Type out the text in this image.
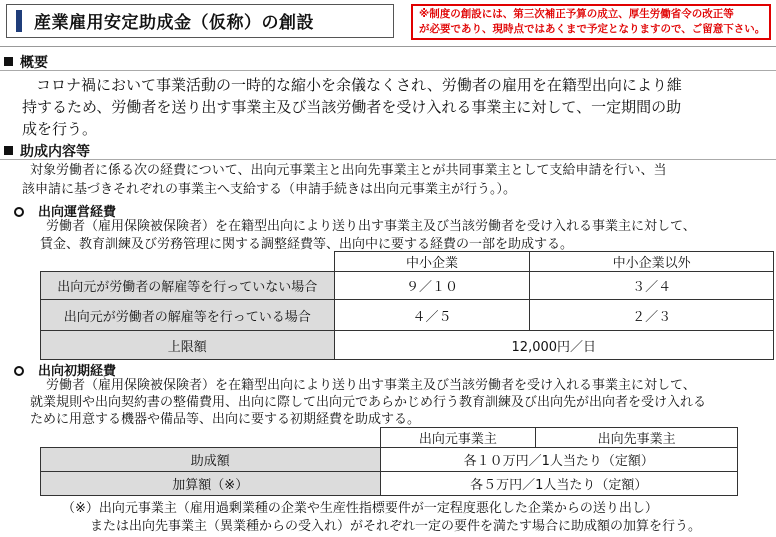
産業雇用安定助成金（仮称）の創設	※制度の創設には、第三次補正予算の成立、厚生労働省令の改正等
が必要であり、現時点ではあくまで予定となりますので、ご留意下さい。
概要
コロナ禍において事業活動の一時的な縮小を余儀なくされ、労働者の雇用を在籍型出向により維
持するため、労働者を送り出す事業主及び当該労働者を受け入れる事業主に対して、一定期間の助
成を行う。
助成内容等
対象労働者に係る次の経費について、出向元事業主と出向先事業主とが共同事業主として支給申請を行い、当
該申請に基づきそれぞれの事業主へ支給する（申請手続きは出向元事業主が行う。）。
出向運営経費
労働者（雇用保険被保険者）を在籍型出向により送り出す事業主及び当該労働者を受け入れる事業主に対して、
賃金、教育訓練及び労務管理に関する調整経費等、出向中に要する経費の一部を助成する。
	中小企業	中小企業以外
出向元が労働者の解雇等を行っていない場合	９／１０	３／４
出向元が労働者の解雇等を行っている場合	４／５	２／３
上限額	12,000円／日	
出向初期経費
労働者（雇用保険被保険者）を在籍型出向により送り出す事業主及び当該労働者を受け入れる事業主に対して、
就業規則や出向契約書の整備費用、出向に際して出向元であらかじめ行う教育訓練及び出向先が出向者を受け入れる
ために用意する機器や備品等、出向に要する初期経費を助成する。
	出向元事業主	出向先事業主
助成額	各１０万円／1人当たり（定額）	
加算額（※）	各５万円／1人当たり（定額）	
（※）出向元事業主（雇用過剰業種の企業や生産性指標要件が一定程度悪化した企業からの送り出し）
または出向先事業主（異業種からの受入れ）がそれぞれ一定の要件を満たす場合に助成額の加算を行う。
